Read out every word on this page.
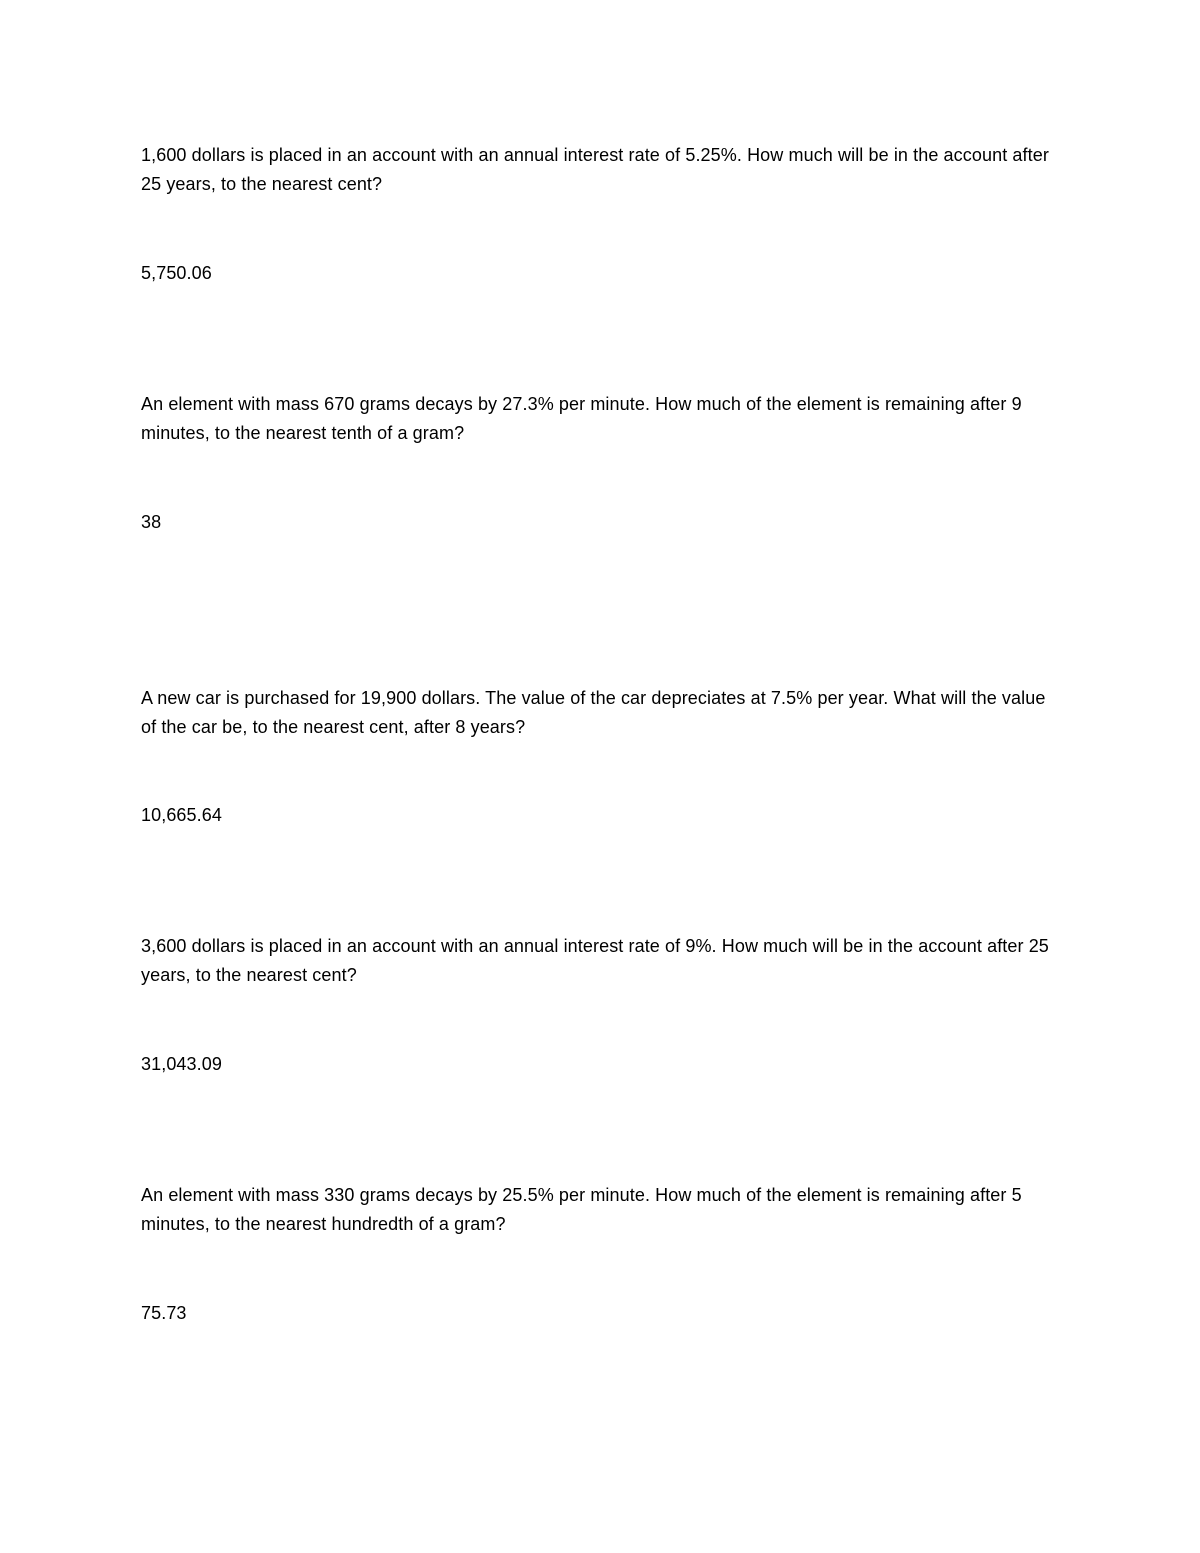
1,600 dollars is placed in an account with an annual interest rate of 5.25%. How much will be in the account after 25 years, to the nearest cent?

5,750.06

An element with mass 670 grams decays by 27.3% per minute. How much of the element is remaining after 9 minutes, to the nearest tenth of a gram?

38

A new car is purchased for 19,900 dollars. The value of the car depreciates at 7.5% per year. What will the value of the car be, to the nearest cent, after 8 years?

10,665.64

3,600 dollars is placed in an account with an annual interest rate of 9%. How much will be in the account after 25 years, to the nearest cent?

31,043.09

An element with mass 330 grams decays by 25.5% per minute. How much of the element is remaining after 5 minutes, to the nearest hundredth of a gram?

75.73
